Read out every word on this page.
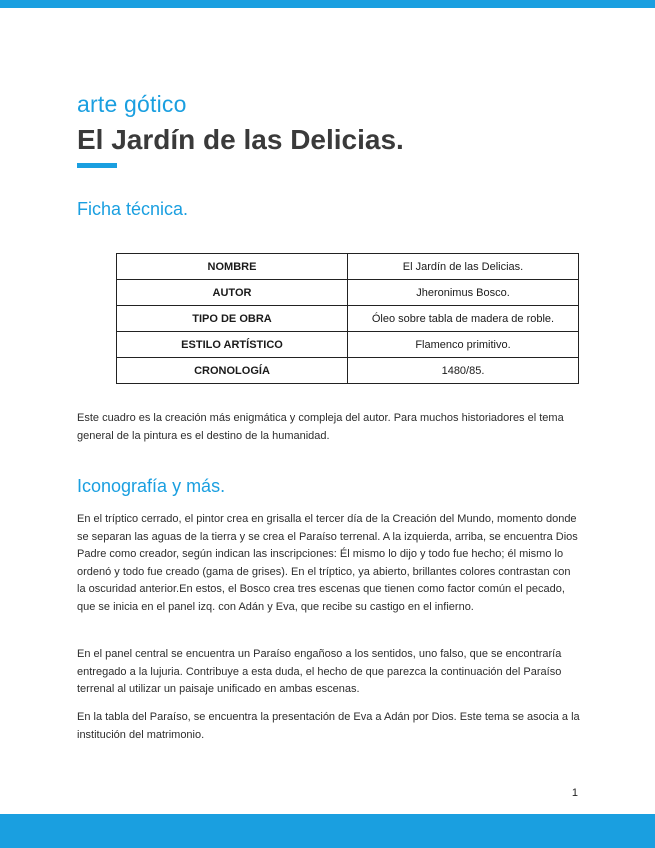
arte gótico
El Jardín de las Delicias.
Ficha técnica.
NOMBRE	El Jardín de las Delicias.
AUTOR	Jheronimus Bosco.
TIPO DE OBRA	Óleo sobre tabla de madera de roble.
ESTILO ARTÍSTICO	Flamenco primitivo.
CRONOLOGÍA	1480/85.

Este cuadro es la creación más enigmática y compleja del autor. Para muchos historiadores el tema general de la pintura es el destino de la humanidad.

Iconografía y más.

En el tríptico cerrado, el pintor crea en grisalla el tercer día de la Creación del Mundo, momento donde se separan las aguas de la tierra y se crea el Paraíso terrenal. A la izquierda, arriba, se encuentra Dios Padre como creador, según indican las inscripciones: Él mismo lo dijo y todo fue hecho; él mismo lo ordenó y todo fue creado (gama de grises). En el tríptico, ya abierto, brillantes colores contrastan con la oscuridad anterior.En estos, el Bosco crea tres escenas que tienen como factor común el pecado, que se inicia en el panel izq. con Adán y Eva, que recibe su castigo en el infierno.

En el panel central se encuentra un Paraíso engañoso a los sentidos, uno falso, que se encontraría entregado a la lujuria. Contribuye a esta duda, el hecho de que parezca la continuación del Paraíso terrenal al utilizar un paisaje unificado en ambas escenas.

En la tabla del Paraíso, se encuentra la presentación de Eva a Adán por Dios. Este tema se asocia a la institución del matrimonio.

1
